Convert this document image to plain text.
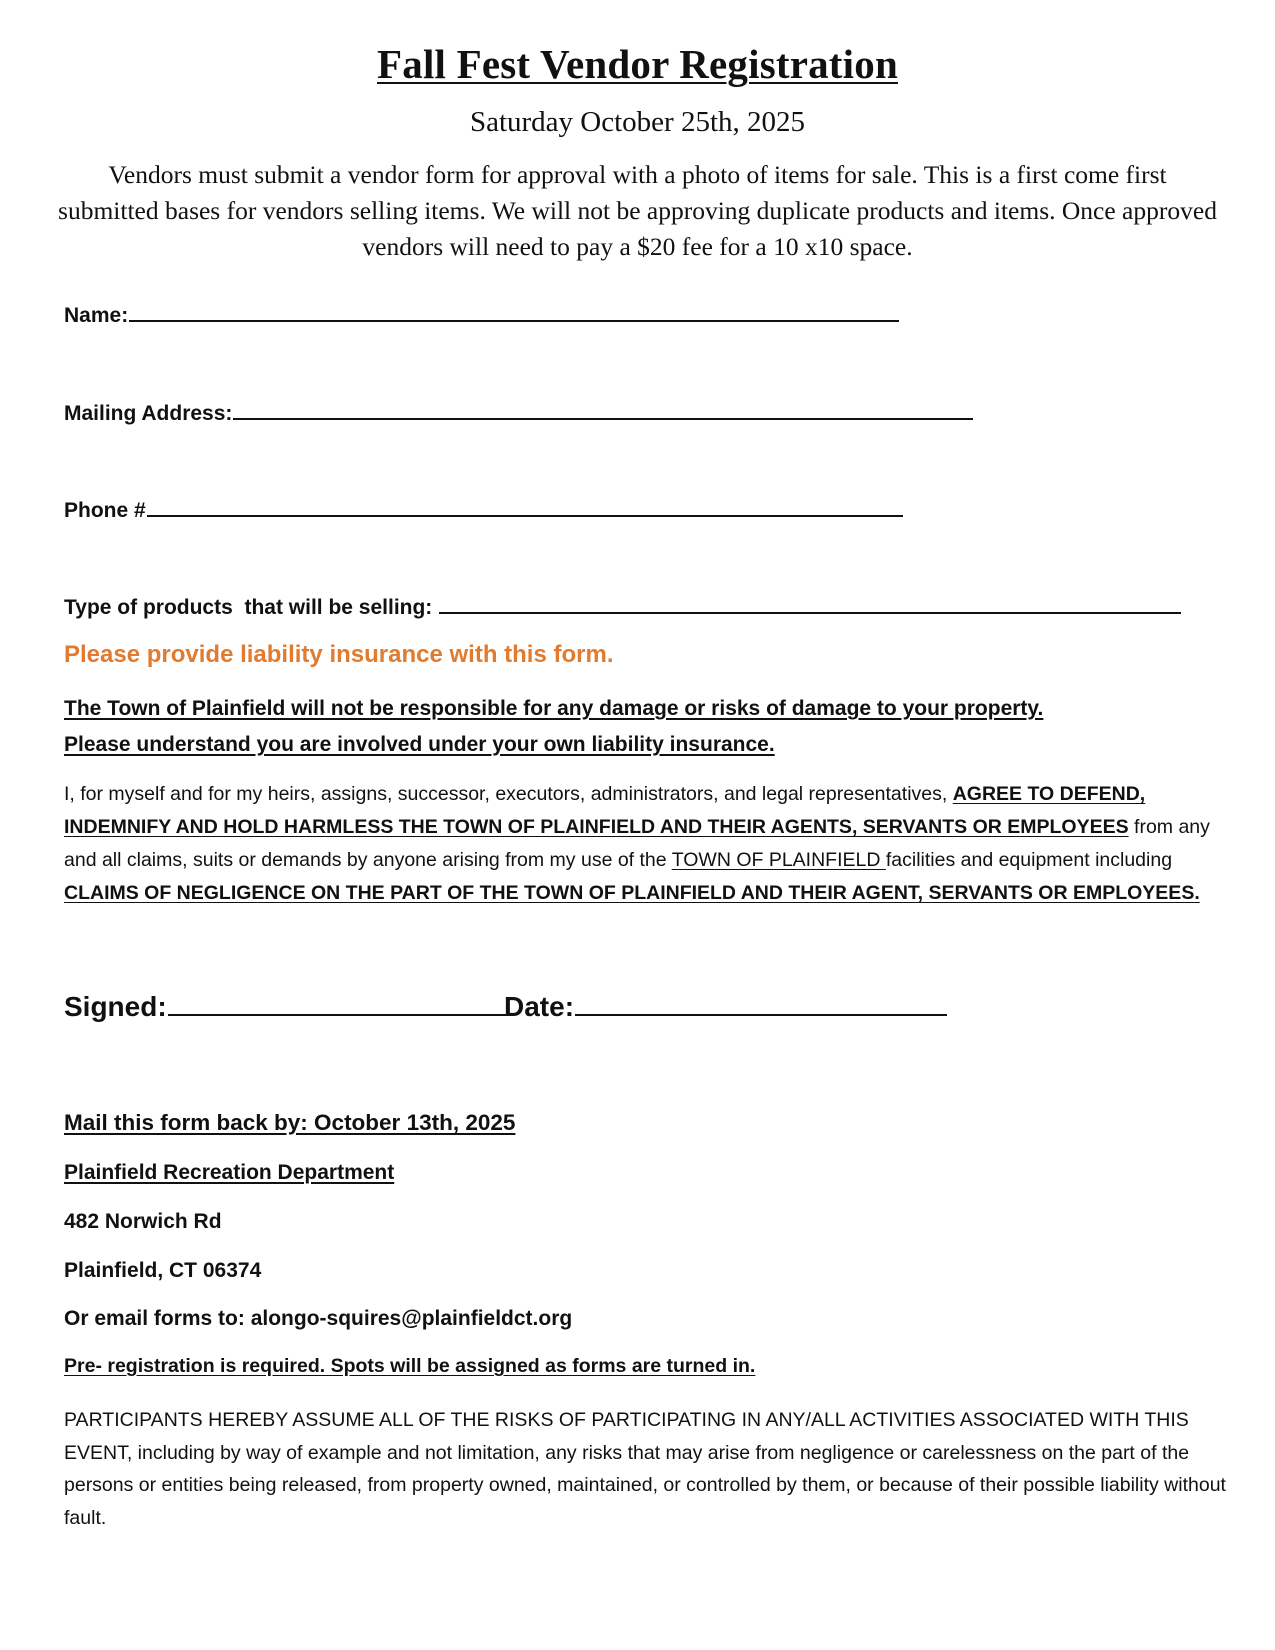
Fall Fest Vendor Registration
Saturday October 25th, 2025
Vendors must submit a vendor form for approval with a photo of items for sale. This is a first come first submitted bases for vendors selling items. We will not be approving duplicate products and items. Once approved vendors will need to pay a $20 fee for a 10 x10 space.
Name:
Mailing Address:
Phone #
Type of products  that will be selling:
Please provide liability insurance with this form.
The Town of Plainfield will not be responsible for any damage or risks of damage to your property.
Please understand you are involved under your own liability insurance.
I, for myself and for my heirs, assigns, successor, executors, administrators, and legal representatives, AGREE TO DEFEND, INDEMNIFY AND HOLD HARMLESS THE TOWN OF PLAINFIELD AND THEIR AGENTS, SERVANTS OR EMPLOYEES from any and all claims, suits or demands by anyone arising from my use of the TOWN OF PLAINFIELD facilities and equipment including CLAIMS OF NEGLIGENCE ON THE PART OF THE TOWN OF PLAINFIELD AND THEIR AGENT, SERVANTS OR EMPLOYEES.
Signed:	Date:
Mail this form back by: October 13th, 2025
Plainfield Recreation Department
482 Norwich Rd
Plainfield, CT 06374
Or email forms to: alongo-squires@plainfieldct.org
Pre- registration is required. Spots will be assigned as forms are turned in.
PARTICIPANTS HEREBY ASSUME ALL OF THE RISKS OF PARTICIPATING IN ANY/ALL ACTIVITIES ASSOCIATED WITH THIS EVENT, including by way of example and not limitation, any risks that may arise from negligence or carelessness on the part of the persons or entities being released, from property owned, maintained, or controlled by them, or because of their possible liability without fault.
